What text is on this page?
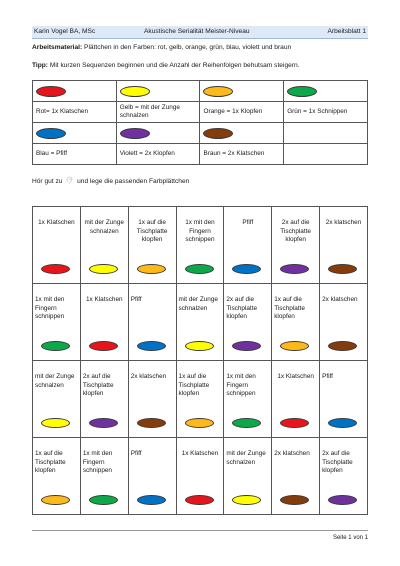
Karin Vogel BA, MSc	Akustische Serialität Meister-Niveau	Arbeitsblatt 1
Arbeitsmaterial: Plättchen in den Farben: rot, gelb, orange, grün, blau, violett und braun
Tipp: Mit kurzen Sequenzen beginnen und die Anzahl der Reihenfolgen behutsam steigern.

Rot= 1x Klatschen	Gelb = mit der Zunge schnalzen	Orange = 1x Klopfen	Grün = 1x Schnippen

Blau = Pfiff	Violett = 2x Klopfen	Braun = 2x Klatschen	

Hör gut zu und lege die passenden Farbplättchen
1x Klatschen	mit der Zunge schnalzen	1x auf die Tischplatte klopfen	1x mit den Fingern schnippen	Pfiff	2x auf die Tischplatte klopfen	2x klatschen

1x mit den Fingern schnippen	1x Klatschen	Pfiff	mit der Zunge schnalzen	2x auf die Tischplatte klopfen	1x auf die Tischplatte klopfen	2x klatschen

mit der Zunge schnalzen	2x auf die Tischplatte klopfen	2x klatschen	1x auf die Tischplatte klopfen	1x mit den Fingern schnippen	1x Klatschen	Pfiff

1x auf die Tischplatte klopfen	1x mit den Fingern schnippen	Pfiff	1x Klatschen	mit der Zunge schnalzen	2x klatschen	2x auf die Tischplatte klopfen
Seite 1 von 1
